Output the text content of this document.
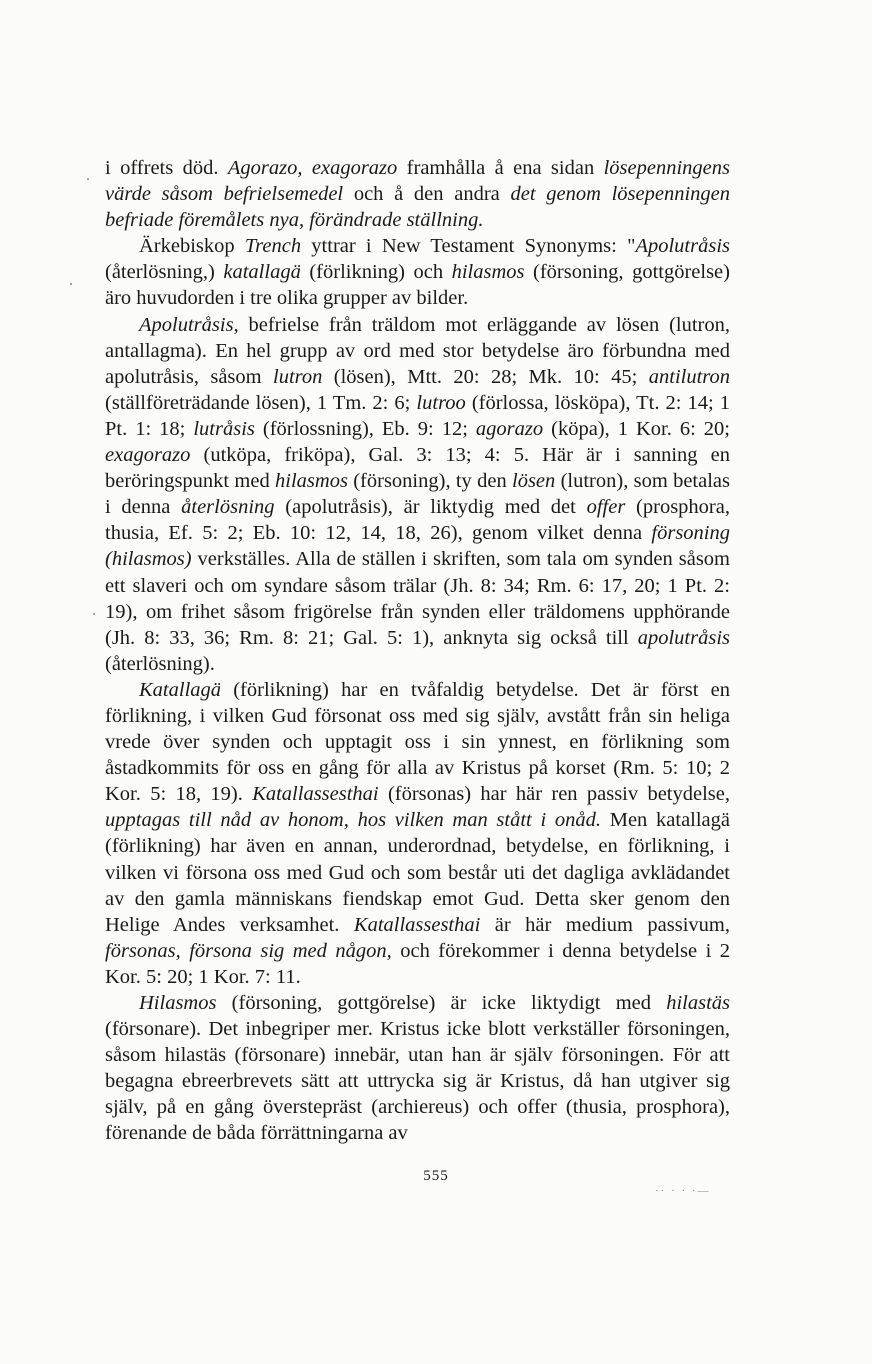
i offrets död. Agorazo, exagorazo framhålla å ena sidan lösepenningens värde såsom befrielsemedel och å den andra det genom lösepenningen befriade föremålets nya, förändrade ställning.

Ärkebiskop Trench yttrar i New Testament Synonyms: "Apolutråsis (återlösning,) katallagä (förlikning) och hilasmos (försoning, gottgörelse) äro huvudorden i tre olika grupper av bilder.

Apolutråsis, befrielse från träldom mot erläggande av lösen (lutron, antallagma). En hel grupp av ord med stor betydelse äro förbundna med apolutråsis, såsom lutron (lösen), Mtt. 20: 28; Mk. 10: 45; antilutron (ställföreträdande lösen), 1 Tm. 2: 6; lutroo (förlossa, lösköpa), Tt. 2: 14; 1 Pt. 1: 18; lutråsis (förlossning), Eb. 9: 12; agorazo (köpa), 1 Kor. 6: 20; exagorazo (utköpa, friköpa), Gal. 3: 13; 4: 5. Här är i sanning en beröringspunkt med hilasmos (försoning), ty den lösen (lutron), som betalas i denna återlösning (apolutråsis), är liktydig med det offer (prosphora, thusia, Ef. 5: 2; Eb. 10: 12, 14, 18, 26), genom vilket denna försoning (hilasmos) verkställes. Alla de ställen i skriften, som tala om synden såsom ett slaveri och om syndare såsom trälar (Jh. 8: 34; Rm. 6: 17, 20; 1 Pt. 2: 19), om frihet såsom frigörelse från synden eller träldomens upphörande (Jh. 8: 33, 36; Rm. 8: 21; Gal. 5: 1), anknyta sig också till apolutråsis (återlösning).

Katallagä (förlikning) har en tvåfaldig betydelse. Det är först en förlikning, i vilken Gud försonat oss med sig själv, avstått från sin heliga vrede över synden och upptagit oss i sin ynnest, en förlikning som åstadkommits för oss en gång för alla av Kristus på korset (Rm. 5: 10; 2 Kor. 5: 18, 19). Katallassesthai (försonas) har här ren passiv betydelse, upptagas till nåd av honom, hos vilken man stått i onåd. Men katallagä (förlikning) har även en annan, underordnad, betydelse, en förlikning, i vilken vi försona oss med Gud och som består uti det dagliga avklädandet av den gamla människans fiendskap emot Gud. Detta sker genom den Helige Andes verksamhet. Katallassesthai är här medium passivum, försonas, försona sig med någon, och förekommer i denna betydelse i 2 Kor. 5: 20; 1 Kor. 7: 11.

Hilasmos (försoning, gottgörelse) är icke liktydigt med hilastäs (försonare). Det inbegriper mer. Kristus icke blott verkställer försoningen, såsom hilastäs (försonare) innebär, utan han är själv försoningen. För att begagna ebreerbrevets sätt att uttrycka sig är Kristus, då han utgiver sig själv, på en gång överstepräst (archiereus) och offer (thusia, prosphora), förenande de båda förrättningarna av

555
·· · · ·—
